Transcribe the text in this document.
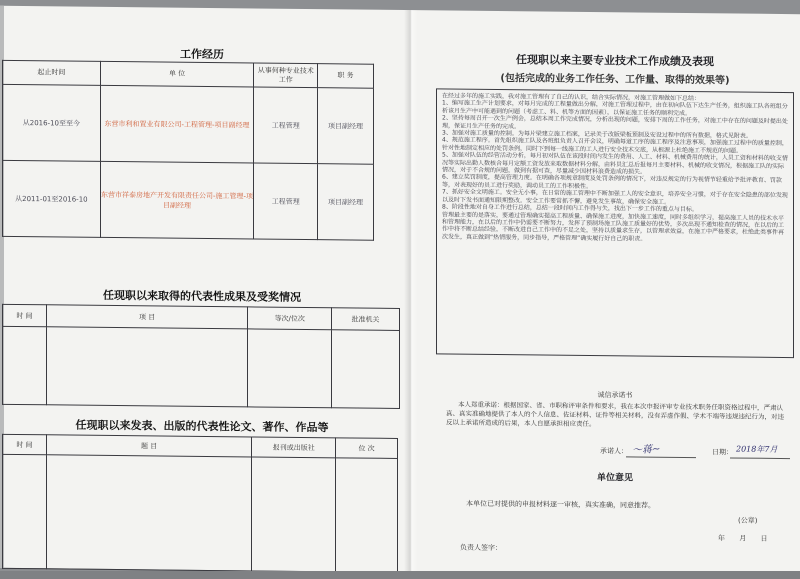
工作经历
起止时间	单 位	从事何种专业技术工作	职 务
从2016-10至至今	东营市利和置业有限公司-工程管理-项目副经理	工程管理	项目副经理
从2011-01至2016-10	东营市祥泰房地产开发有限责任公司-施工管理-项目副经理	工程管理	项目副经理
任现职以来取得的代表性成果及受奖情况
时 间	项 目	等次/位次	批准机关

任现职以来发表、出版的代表性论文、著作、作品等
时 间	题 目	报刊或出版社	位 次

任现职以来主要专业技术工作成绩及表现
(包括完成的业务工作任务、工作量、取得的效果等)

在经过多年的施工实践，我对施工管理有了自己的认识，结合实际情况，对施工管理做如下总结：

1、编写施工生产计划要求，对每月完成的工程量做出分解，对施工管理过程中，由在初向队伍下达生产任务，组织施工队各班组分析该月生产中可能遇到的问题（考虑工、料、机等方面的因素），以保证施工任务的顺利完成。

2、坚持每周召开一次生产例会，总结本周工作完成情况，分析出现的问题，安排下周的工作任务，对施工中存在的问题及时提出处理，保证月生产任务的完成。

3、加强对施工质量的控制。为每片梁建立施工档案，记录关于改版梁板预制及安设过程中的所有数据，格式见附表。

4、规范施工程序。首先组织施工队及各班组负责人召开会议，明确每道工序的施工程序及注意事项，加强施工过程中的质量控制，针对性地制定相应的处罚条例，同时下到每一线施工的工人进行安全技术交底，从根源上杜绝施工不规范的问题。

5、加强对队伍的经营活动分析，每月初对队伍在该段时间内发生的费用、人工、材料、机械费用的统计，人员工资和材料的收支情况等实际出勤人数核合每月定额工资发放来取数据材料分解，由料员汇总后报每月主要材料、机械的收支情况，根据施工队的实际情况，对于不合规的问题，做到有据可查，尽量减少因材料浪费造成的损失。

6、建立奖罚制度，提高管理力度。在明确各项规章制度及处罚条例的情况下，对违反规定的行为视情节轻重给予批评教育、罚款等，对表现好的员工进行奖励，调动员工的工作积极性。

7、抓好安全文明施工。安全无小事，在日常的施工管理中不断加强工人的安全意识，培养安全习惯，对于存在安全隐患的部位发现以及时下发书面通知限期整改。安全工作要常抓不懈，避免发生事故，确保安全施工。

8、阶段性地对自身工作进行总结，总结一段时间内工作得与失，找出下一步工作的重点与目标。

管理最主要的是落实，要通过管理确实提高工程质量、确保施工进度，加快施工速度，同时多组织学习，提高施工人员的技术水平和管理能力，在以后的工作中仍需要不断努力，发挥了预制场施工队施工质量好的优势，多次出现不通知检查的情况，在以后的工作中将不断总结经验，不断改进自己工作中的不足之处，坚持以质量求生存，以管理求效益，在施工中严格要求，杜绝此类事件再次发生，真正做到“热情服务，同步指导，严格管理”确实履行好自己的职责。

诚信承诺书
本人郑重承诺：根据国家、省、市职称评审条件和要求，我在本次申报评审专业技术职务任职资格过程中，严肃认真、真实准确地提供了本人的个人信息、佐证材料、证件等相关材料，没有弄虚作假、学术不端等违规违纪行为，对违反以上承诺所造成的后果，本人自愿承担相应责任。
承诺人： ～蒋~	日期： 2018年7月
单位意见
本单位已对提供的申报材料逐一审核，真实准确，同意推荐。
(公章)
年 月 日
负责人签字：
